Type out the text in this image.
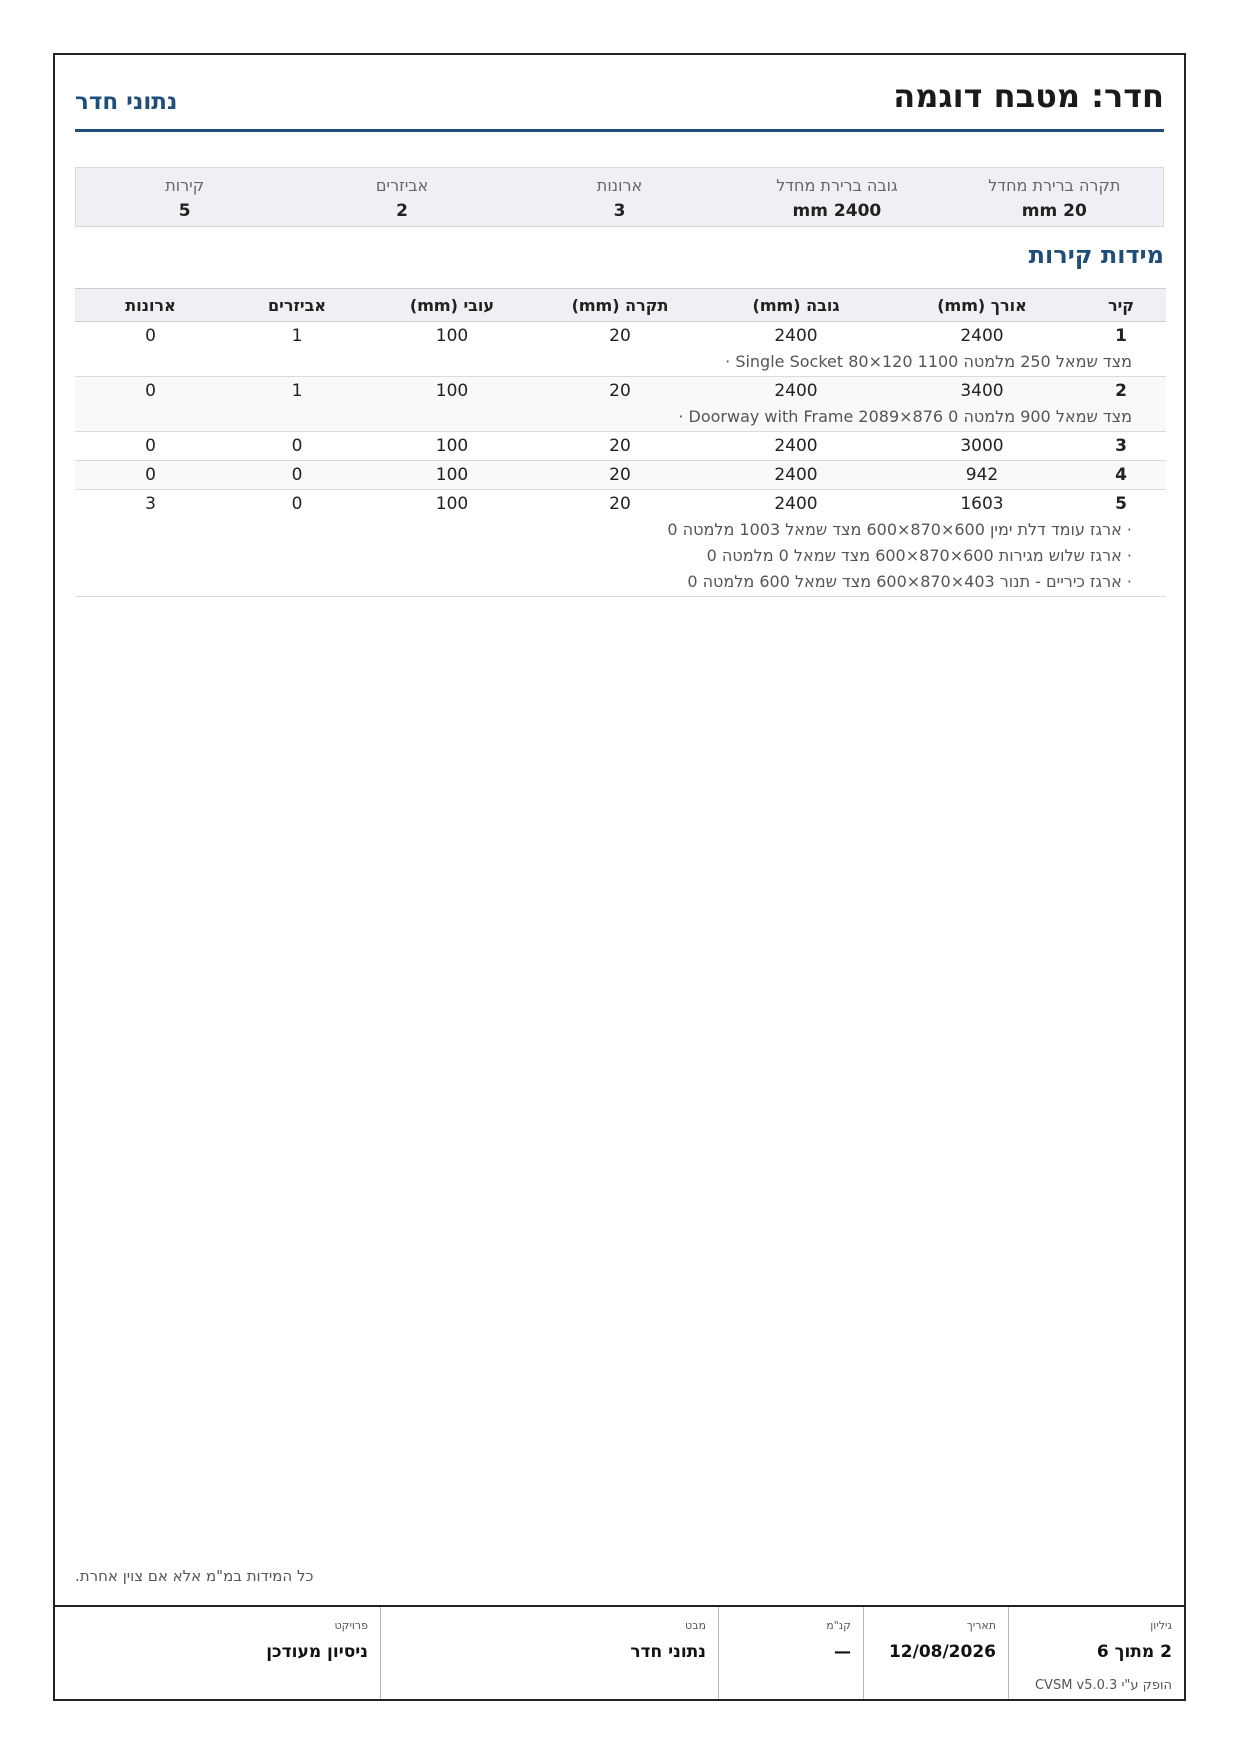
חדר: מטבח דוגמה
נתוני חדר
תקרה ברירת מחדל
20 mm
גובה ברירת מחדל
2400 mm
ארונות
3
אביזרים
2
קירות
5
מידות קירות
קיר	אורך (mm)	גובה (mm)	תקרה (mm)	עובי (mm)	אביזרים	ארונות
1	2400	2400	20	100	1	0
מצד שמאל 250 מלמטה 1100 120×80 Single Socket ·						
2	3400	2400	20	100	1	0
מצד שמאל 900 מלמטה 0 876×2089 Doorway with Frame ·						
3	3000	2400	20	100	0	0
4	942	2400	20	100	0	0
5	1603	2400	20	100	0	3
· ארגז עומד דלת ימין 600×870×600 מצד שמאל 1003 מלמטה 0						
· ארגז שלוש מגירות 600×870×600 מצד שמאל 0 מלמטה 0						
· ארגז כיריים - תנור 403×870×600 מצד שמאל 600 מלמטה 0						

כל המידות במ"מ אלא אם צוין אחרת.

גיליון
2 מתוך 6
הופק ע"י CVSM v5.0.3
תאריך
12/08/2026
קנ"מ
—
מבט
נתוני חדר
פרויקט
ניסיון מעודכן
